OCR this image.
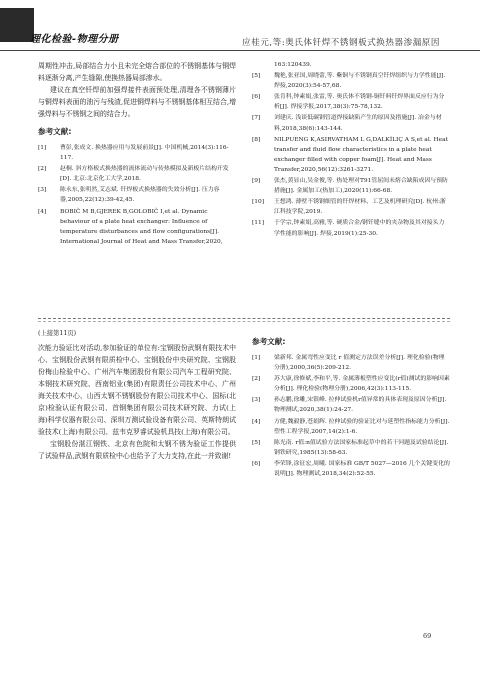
理化检验-物理分册	应桂元,等:奥氏体钎焊不锈钢板式换热器渗漏原因

周期性冲击,局部结合力小且未完全熔合部位的不锈钢基体与铜焊料逐渐分离,产生缝隙,使换热器局部渗水。

建议在真空钎焊前加强焊接件表面预处理,清理各不锈钢薄片与铜焊料表面的油污与残渣,促进铜焊料与不锈钢基体相互结合,增强焊料与不锈钢之间的结合力。

参考文献:
[1] 曹彭,张成文. 换热器应用与发展前景[J]. 中国机械,2014(3):116-117.
[2] 赵桐. 斜方格板式换热器的流体流动与传热模拟及新板片结构开发[D]. 北京:北京化工大学,2018.
[3] 陈永东,张明然,艾志斌. 钎焊板式换热器的失效分析[J]. 压力容器,2005,22(12):39-42,45.
[4] BOBIČ M B,GJEREK B,GOLOBIČ I,et al. Dynamic behaviour of a plate heat exchanger: Influence of temperature disturbances and flow configurations[J]. International Journal of Heat and Mass Transfer,2020,
163:120439.
[5] 魏艳,张亚国,周晓蕾,等. 紫铜与不锈钢真空钎焊组织与力学性能[J]. 焊接,2020(3):54-57,68.
[6] 张肯科,钟素娟,张雷,等. 奥氏体不锈钢-铜钎料钎焊界面反应行为分析[J]. 焊接学报,2017,38(3):75-78,132.
[7] 刘建庆. 浅谈低碳钢管道焊接缺陷产生的原因及措施[J]. 冶金与材料,2018,38(6):143-144.
[8] NILPUENG K,ASIRVATHAM L G,DALKİLIÇ A S,et al. Heat transfer and fluid flow characteristics in a plate heat exchanger filled with copper foam[J]. Heat and Mass Transfer,2020,56(12):3261-3271.
[9] 张杰,黄显山,吴金俊,等. 热处理对T91管屈间未熔合缺陷成因与预防措施[J]. 金属加工(热加工),2020(11):66-68.
[10] 王想鸿. 薄壁不锈钢细管的钎焊材料、工艺及机理研究[D]. 杭州:浙江科技学院,2019.
[11] 于学宗,钟素娟,高雅,等. 硬质合金/钢钎缝中的夹杂物及其对接头力学性能的影响[J]. 焊接,2019(1):25-30.
(上接第11页)

次能力验证比对活动,参加验证的单位有:宝钢股份武钢有限技术中心、宝钢股份武钢有限质检中心、宝钢股份中央研究院、宝钢股份梅山检验中心、广州汽车集团股份有限公司汽车工程研究院、本钢技术研究院、西南铝业(集团)有限责任公司技术中心、广州海关技术中心、山西太钢不锈钢股份有限公司技术中心、国标(北京)检验认证有限公司、首钢集团有限公司技术研究院、力试(上海)科学仪器有限公司、深圳万测试验设备有限公司、英斯特朗试验技术(上海)有限公司、兹韦克罗睿试验机具技(上海)有限公司。

宝钢股份湛江钢铁、北京有色院和太钢不锈为验证工作提供了试验样品,武钢有限质检中心也给予了大力支持,在此一并致谢!

参考文献:
[1] 梁新邦. 金属弯性应变比 r 值测定方法误差分析[J]. 理化检验(物理分册),2000,36(5):209-212.
[2] 苏大康,徐修斌,李和平,等. 金属薄板塑性应变比(r值)测试的影响因素分析[J]. 理化检验(物理分册),2006,42(3):113-115.
[3] 孙志鹏,徐雕,宋银峰. 拉伸试验机r值异常的具体表现及原因分析[J]. 物理测试,2020,38(1):24-27.
[4] 方健,魏毅静,苍娟辉. 拉伸试验的验证比对与延塑性指标能力分析[J]. 塑性工程学报,2007,14(2):1-6.
[5] 陈光南. r值:n值试验方法国家标准起草中的若干问题及试验结论[J]. 钢铁研究,1985(13):58-63.
[6] 李荣锋,涂征宏,周曦. 国家标准 GB/T 5027—2016 几个关键变化的说明[J]. 物理测试,2018,34(2):52-55.
69
